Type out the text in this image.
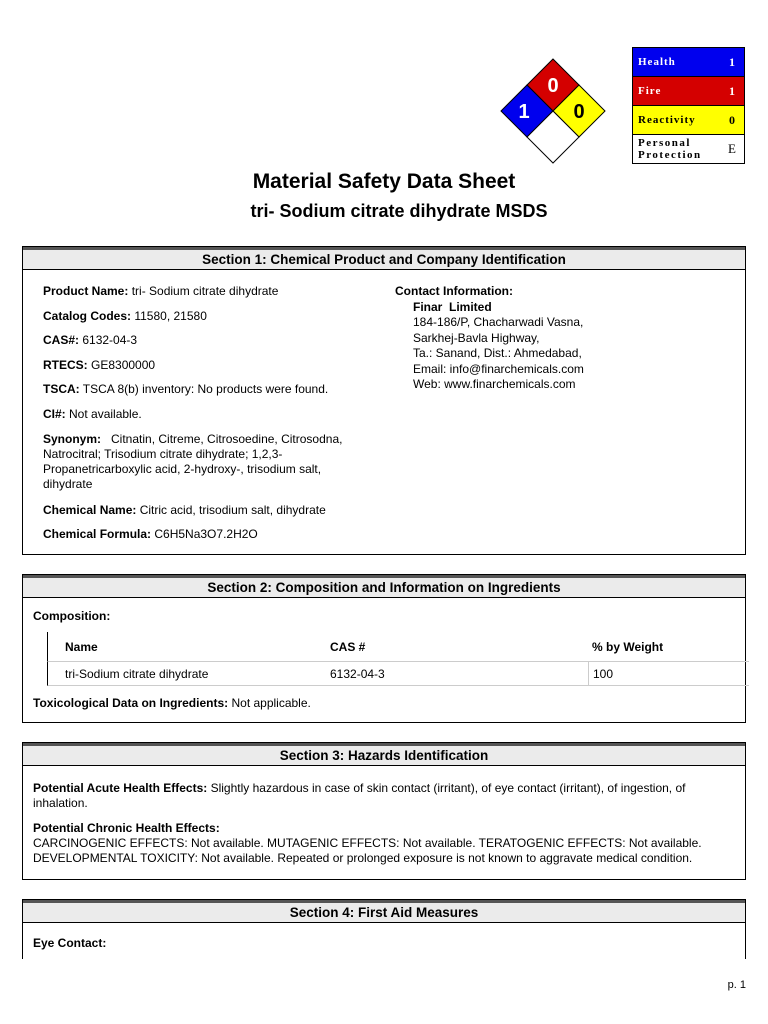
0
1 0
Health	1
Fire	1
Reactivity	0
Personal
Protection	E
Material Safety Data Sheet
tri- Sodium citrate dihydrate MSDS
Section 1: Chemical Product and Company Identification
Product Name: tri- Sodium citrate dihydrate
Catalog Codes: 11580, 21580
CAS#: 6132-04-3
RTECS: GE8300000
TSCA: TSCA 8(b) inventory: No products were found.
CI#: Not available.
Synonym:   Citnatin, Citreme, Citrosoedine, Citrosodna,
Natrocitral; Trisodium citrate dihydrate; 1,2,3-
Propanetricarboxylic acid, 2-hydroxy-, trisodium salt,
dihydrate
Chemical Name: Citric acid, trisodium salt, dihydrate
Chemical Formula: C6H5Na3O7.2H2O
Contact Information:

Finar  Limited
184-186/P, Chacharwadi Vasna,
Sarkhej-Bavla Highway,
Ta.: Sanand, Dist.: Ahmedabad,
Email: info@finarchemicals.com
Web: www.finarchemicals.com
Section 2: Composition and Information on Ingredients
Composition:
Name	CAS #	% by Weight
tri-Sodium citrate dihydrate	6132-04-3	100
Toxicological Data on Ingredients: Not applicable.
Section 3: Hazards Identification
Potential Acute Health Effects: Slightly hazardous in case of skin contact (irritant), of eye contact (irritant), of ingestion, of
inhalation.
Potential Chronic Health Effects:
CARCINOGENIC EFFECTS: Not available. MUTAGENIC EFFECTS: Not available. TERATOGENIC EFFECTS: Not available.
DEVELOPMENTAL TOXICITY: Not available. Repeated or prolonged exposure is not known to aggravate medical condition.
Section 4: First Aid Measures
Eye Contact:
p. 1
